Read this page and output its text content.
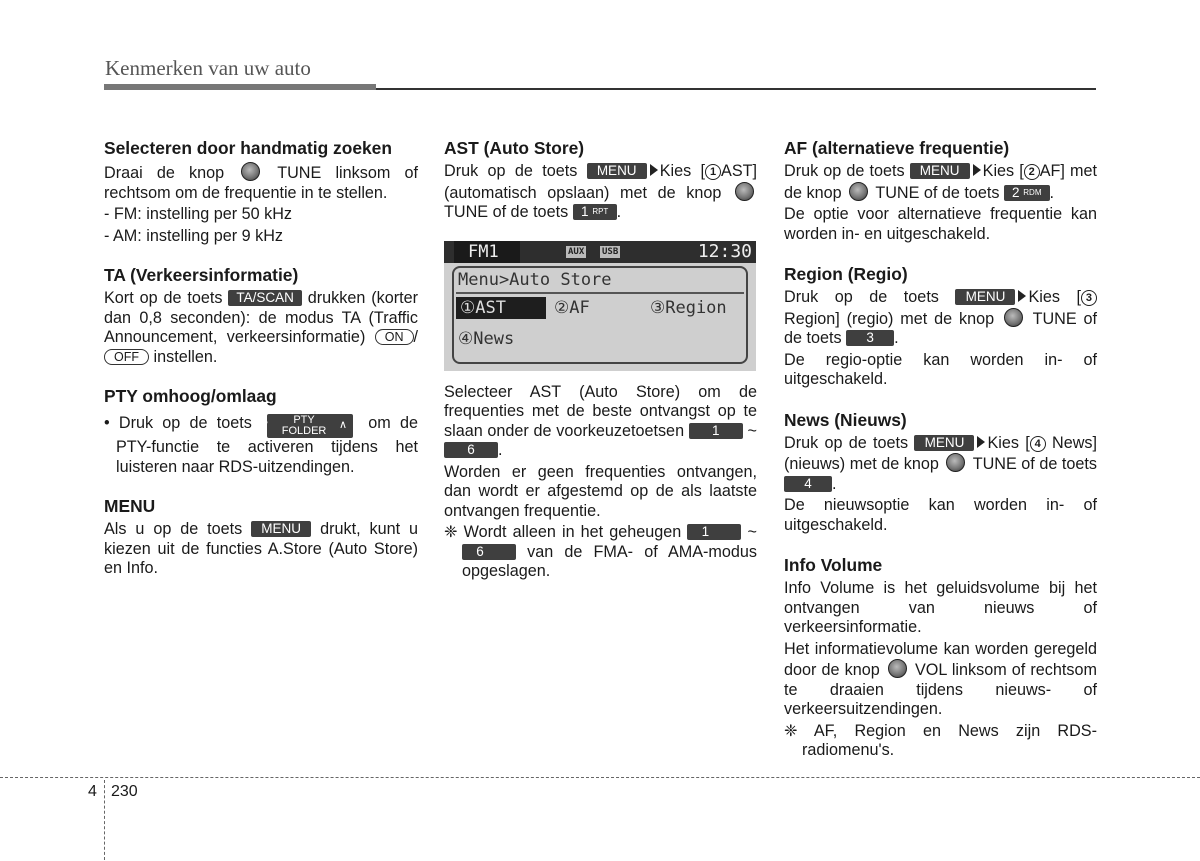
Kenmerken van uw auto
Selecteren door handmatig zoeken
Draai de knop	TUNE linksom of rechtsom om de frequentie in te stellen.
- FM: instelling per 50 kHz
- AM: instelling per 9 kHz
TA (Verkeersinformatie)
Kort op de toets TA/SCAN drukken (korter dan 0,8 seconden): de modus TA (Traffic Announcement, verkeersinformatie) ON /OFF instellen.
PTY omhoog/omlaag
• Druk op de toets ∨	PTY
FOLDER	∧ om de PTY-functie te activeren tijdens het luisteren naar RDS-uitzendingen.
MENU
Als u op de toets MENU drukt, kunt u kiezen uit de functies A.Store (Auto Store) en Info.
AST (Auto Store)
Druk op de toets MENU Kies [ 1 AST] (automatisch opslaan) met de knop  TUNE of de toets 1 RPT .
FM1	AUX USB	12:30
Menu>Auto Store
①AST	②AF	③Region
④News
Selecteer AST (Auto Store) om de frequenties met de beste ontvangst op te slaan onder de voorkeuzetoetsen 1 ~ 6 .
Worden er geen frequenties ontvangen, dan wordt er afgestemd op de als laatste ontvangen frequentie.
❈ Wordt alleen in het geheugen 1 ~ 6	van de FMA- of AMA-modus opgeslagen.
AF (alternatieve frequentie)
Druk op de toets MENU Kies [ 2 AF] met de knop TUNE of de toets 2 RDM .
De optie voor alternatieve frequentie kan worden in- en uitgeschakeld.
Region (Regio)
Druk op de toets MENU Kies [ 3 Region] (regio) met de knop TUNE of de toets 3 .
De regio-optie kan worden in- of uitgeschakeld.
News (Nieuws)
Druk op de toets MENU Kies [ 4 News] (nieuws) met de knop TUNE of de toets 4 .
De nieuwsoptie kan worden in- of uitgeschakeld.
Info Volume
Info Volume is het geluidsvolume bij het ontvangen van nieuws of verkeersinformatie.
Het informatievolume kan worden geregeld door de knop VOL linksom of rechtsom te draaien tijdens nieuws- of verkeersuitzendingen.
❈ AF, Region en News zijn RDS-radiomenu's.
4 230
